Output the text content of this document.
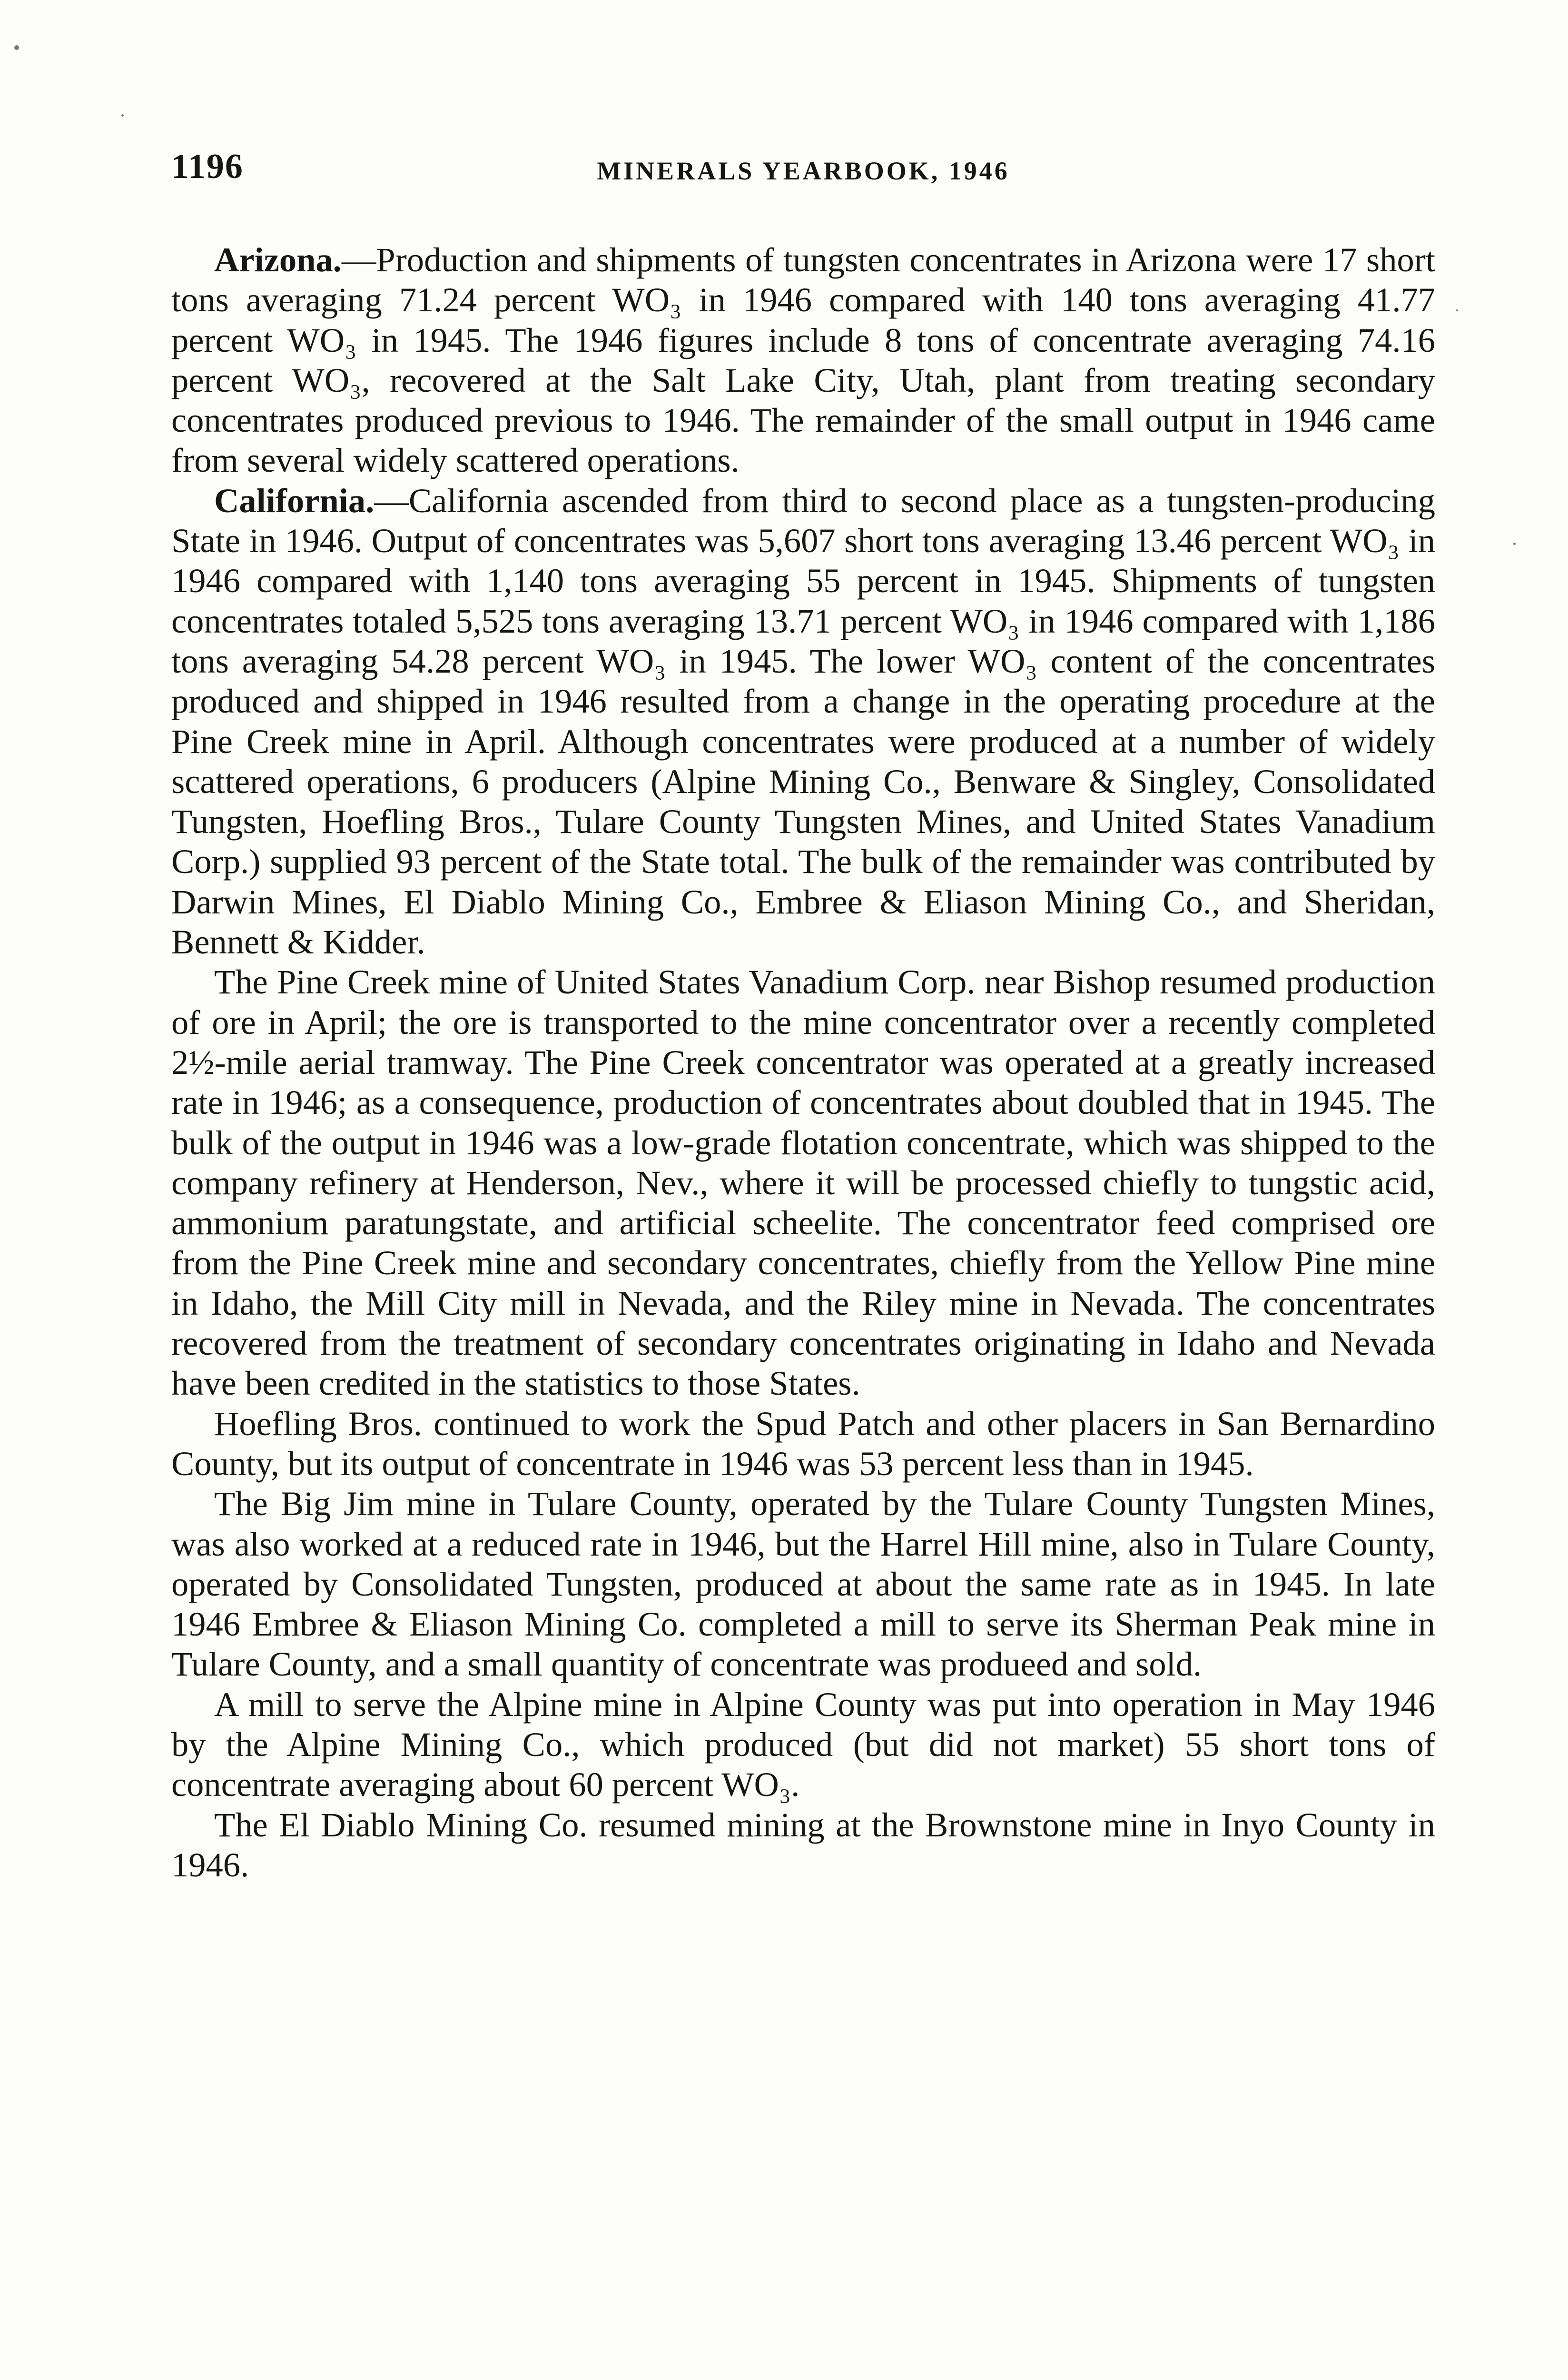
1196	MINERALS YEARBOOK, 1946

Arizona.—Production and shipments of tungsten concentrates in Arizona were 17 short tons averaging 71.24 percent WO₃ in 1946 compared with 140 tons averaging 41.77 percent WO₃ in 1945. The 1946 figures include 8 tons of concentrate averaging 74.16 percent WO₃, recovered at the Salt Lake City, Utah, plant from treating secondary concentrates produced previous to 1946. The remainder of the small output in 1946 came from several widely scattered operations.

California.—California ascended from third to second place as a tungsten-producing State in 1946. Output of concentrates was 5,607 short tons averaging 13.46 percent WO₃ in 1946 compared with 1,140 tons averaging 55 percent in 1945. Shipments of tungsten concentrates totaled 5,525 tons averaging 13.71 percent WO₃ in 1946 compared with 1,186 tons averaging 54.28 percent WO₃ in 1945. The lower WO₃ content of the concentrates produced and shipped in 1946 resulted from a change in the operating procedure at the Pine Creek mine in April. Although concentrates were produced at a number of widely scattered operations, 6 producers (Alpine Mining Co., Benware & Singley, Consolidated Tungsten, Hoefling Bros., Tulare County Tungsten Mines, and United States Vanadium Corp.) supplied 93 percent of the State total. The bulk of the remainder was contributed by Darwin Mines, El Diablo Mining Co., Embree & Eliason Mining Co., and Sheridan, Bennett & Kidder.

The Pine Creek mine of United States Vanadium Corp. near Bishop resumed production of ore in April; the ore is transported to the mine concentrator over a recently completed 2½-mile aerial tramway. The Pine Creek concentrator was operated at a greatly increased rate in 1946; as a consequence, production of concentrates about doubled that in 1945. The bulk of the output in 1946 was a low-grade flotation concentrate, which was shipped to the company refinery at Henderson, Nev., where it will be processed chiefly to tungstic acid, ammonium paratungstate, and artificial scheelite. The concentrator feed comprised ore from the Pine Creek mine and secondary concentrates, chiefly from the Yellow Pine mine in Idaho, the Mill City mill in Nevada, and the Riley mine in Nevada. The concentrates recovered from the treatment of secondary concentrates originating in Idaho and Nevada have been credited in the statistics to those States.

Hoefling Bros. continued to work the Spud Patch and other placers in San Bernardino County, but its output of concentrate in 1946 was 53 percent less than in 1945.

The Big Jim mine in Tulare County, operated by the Tulare County Tungsten Mines, was also worked at a reduced rate in 1946, but the Harrel Hill mine, also in Tulare County, operated by Consolidated Tungsten, produced at about the same rate as in 1945. In late 1946 Embree & Eliason Mining Co. completed a mill to serve its Sherman Peak mine in Tulare County, and a small quantity of concentrate was produeed and sold.

A mill to serve the Alpine mine in Alpine County was put into operation in May 1946 by the Alpine Mining Co., which produced (but did not market) 55 short tons of concentrate averaging about 60 percent WO₃.

The El Diablo Mining Co. resumed mining at the Brownstone mine in Inyo County in 1946.
